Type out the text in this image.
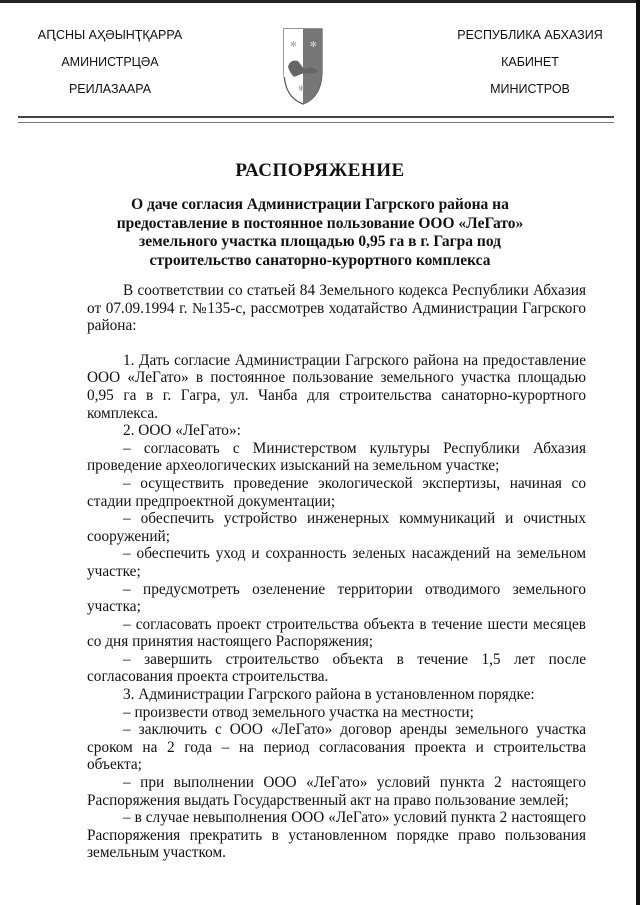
АԤСНЫ АҲӘЫНҬҚАРРА
АМИНИСТРЦӘА
РЕИЛАЗААРА
✻ ✻
✻
РЕСПУБЛИКА АБХАЗИЯ
КАБИНЕТ
МИНИСТРОВ
РАСПОРЯЖЕНИЕ
О даче согласия Администрации Гагрского района на предоставление в постоянное пользование ООО «ЛеГато» земельного участка площадью 0,95 га в г. Гагра под строительство санаторно-курортного комплекса

В соответствии со статьей 84 Земельного кодекса Республики Абхазия от 07.09.1994 г. №135-с, рассмотрев ходатайство Администрации Гагрского района:

1. Дать согласие Администрации Гагрского района на предоставление ООО «ЛеГато» в постоянное пользование земельного участка площадью 0,95 га в г. Гагра, ул. Чанба для строительства санаторно-курортного комплекса.

2. ООО «ЛеГато»:

– согласовать с Министерством культуры Республики Абхазия проведение археологических изысканий на земельном участке;

– осуществить проведение экологической экспертизы, начиная со стадии предпроектной документации;

– обеспечить устройство инженерных коммуникаций и очистных сооружений;

– обеспечить уход и сохранность зеленых насаждений на земельном участке;

– предусмотреть озеленение территории отводимого земельного участка;

– согласовать проект строительства объекта в течение шести месяцев со дня принятия настоящего Распоряжения;

– завершить строительство объекта в течение 1,5 лет после согласования проекта строительства.

3. Администрации Гагрского района в установленном порядке:

– произвести отвод земельного участка на местности;

– заключить с ООО «ЛеГато» договор аренды земельного участка сроком на 2 года – на период согласования проекта и строительства объекта;

– при выполнении ООО «ЛеГато» условий пункта 2 настоящего Распоряжения выдать Государственный акт на право пользование землей;

– в случае невыполнения ООО «ЛеГато» условий пункта 2 настоящего Распоряжения прекратить в установленном порядке право пользования земельным участком.
